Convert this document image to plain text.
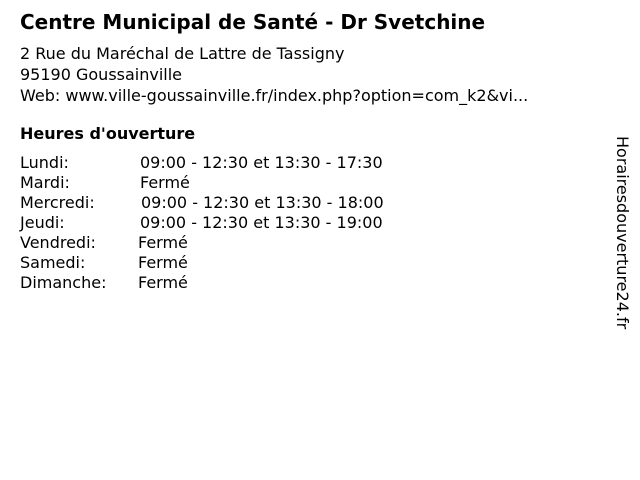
Centre Municipal de Santé - Dr Svetchine
2 Rue du Maréchal de Lattre de Tassigny
95190 Goussainville
Web: www.ville-goussainville.fr/index.php?option=com_k2&vi...
Heures d'ouverture
Lundi:	09:00 - 12:30 et 13:30 - 17:30
Mardi:	Fermé
Mercredi:	09:00 - 12:30 et 13:30 - 18:00
Jeudi:	09:00 - 12:30 et 13:30 - 19:00
Vendredi:	Fermé
Samedi:	Fermé
Dimanche: Fermé	Horairesdouverture24.fr
